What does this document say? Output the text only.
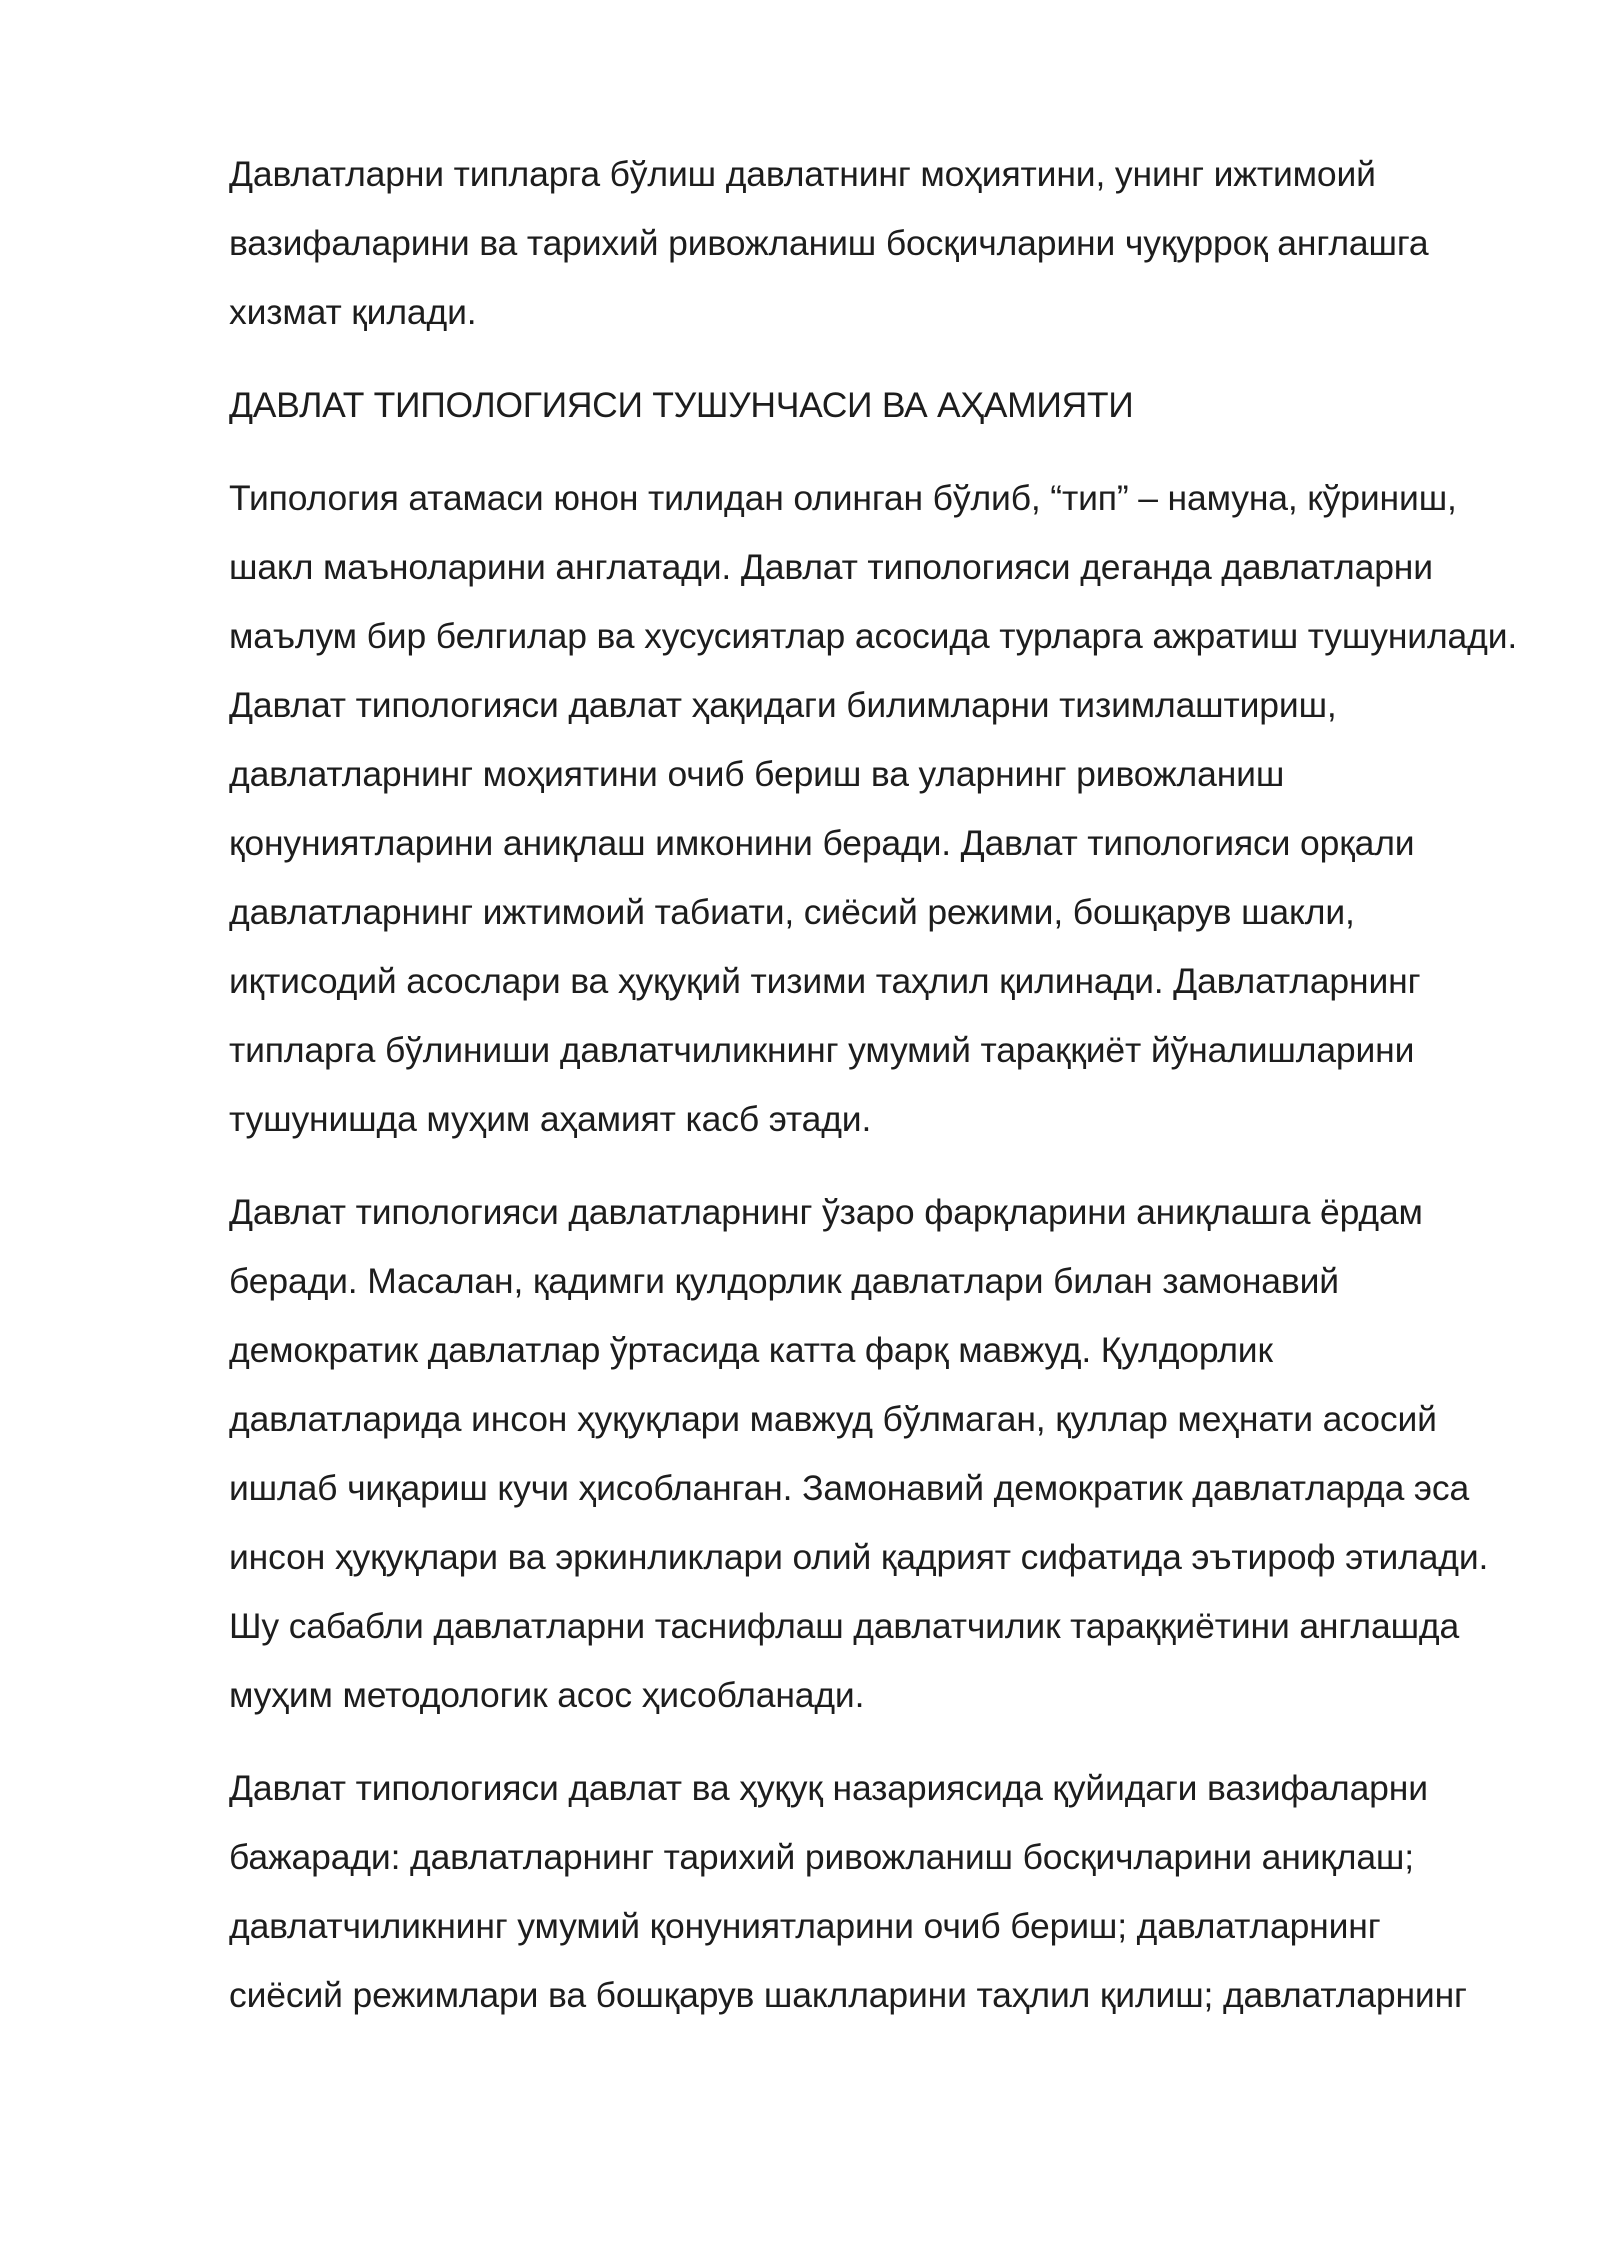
Давлатларни типларга бўлиш давлатнинг моҳиятини, унинг ижтимоий
вазифаларини ва тарихий ривожланиш босқичларини чуқурроқ англашга
хизмат қилади.
ДАВЛАТ ТИПОЛОГИЯСИ ТУШУНЧАСИ ВА АҲАМИЯТИ
Типология атамаси юнон тилидан олинган бўлиб, “тип” – намуна, кўриниш,
шакл маъноларини англатади. Давлат типологияси деганда давлатларни
маълум бир белгилар ва хусусиятлар асосида турларга ажратиш тушунилади.
Давлат типологияси давлат ҳақидаги билимларни тизимлаштириш,
давлатларнинг моҳиятини очиб бериш ва уларнинг ривожланиш
қонуниятларини аниқлаш имконини беради. Давлат типологияси орқали
давлатларнинг ижтимоий табиати, сиёсий режими, бошқарув шакли,
иқтисодий асослари ва ҳуқуқий тизими таҳлил қилинади. Давлатларнинг
типларга бўлиниши давлатчиликнинг умумий тараққиёт йўналишларини
тушунишда муҳим аҳамият касб этади.
Давлат типологияси давлатларнинг ўзаро фарқларини аниқлашга ёрдам
беради. Масалан, қадимги қулдорлик давлатлари билан замонавий
демократик давлатлар ўртасида катта фарқ мавжуд. Қулдорлик
давлатларида инсон ҳуқуқлари мавжуд бўлмаган, қуллар меҳнати асосий
ишлаб чиқариш кучи ҳисобланган. Замонавий демократик давлатларда эса
инсон ҳуқуқлари ва эркинликлари олий қадрият сифатида эътироф этилади.
Шу сабабли давлатларни таснифлаш давлатчилик тараққиётини англашда
муҳим методологик асос ҳисобланади.
Давлат типологияси давлат ва ҳуқуқ назариясида қуйидаги вазифаларни
бажаради: давлатларнинг тарихий ривожланиш босқичларини аниқлаш;
давлатчиликнинг умумий қонуниятларини очиб бериш; давлатларнинг
сиёсий режимлари ва бошқарув шаклларини таҳлил қилиш; давлатларнинг
